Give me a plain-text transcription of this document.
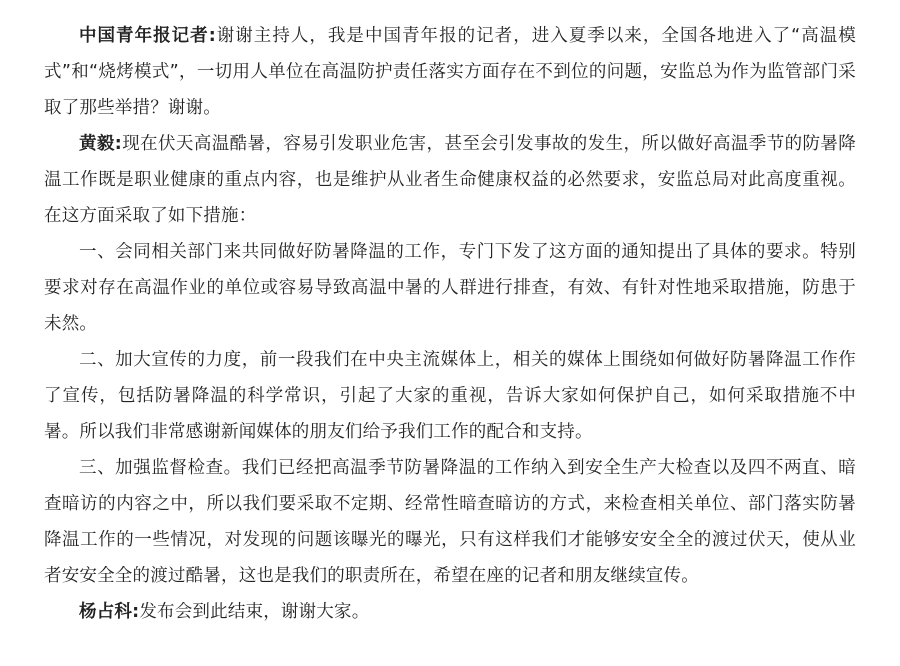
中国青年报记者:谢谢主持人，我是中国青年报的记者，进入夏季以来，全国各地进入了“高温模式”和“烧烤模式”，一切用人单位在高温防护责任落实方面存在不到位的问题，安监总为作为监管部门采取了那些举措？谢谢。

黄毅:现在伏天高温酷暑，容易引发职业危害，甚至会引发事故的发生，所以做好高温季节的防暑降温工作既是职业健康的重点内容，也是维护从业者生命健康权益的必然要求，安监总局对此高度重视。在这方面采取了如下措施：

一、会同相关部门来共同做好防暑降温的工作，专门下发了这方面的通知提出了具体的要求。特别要求对存在高温作业的单位或容易导致高温中暑的人群进行排查，有效、有针对性地采取措施，防患于未然。

二、加大宣传的力度，前一段我们在中央主流媒体上，相关的媒体上围绕如何做好防暑降温工作作了宣传，包括防暑降温的科学常识，引起了大家的重视，告诉大家如何保护自己，如何采取措施不中暑。所以我们非常感谢新闻媒体的朋友们给予我们工作的配合和支持。

三、加强监督检查。我们已经把高温季节防暑降温的工作纳入到安全生产大检查以及四不两直、暗查暗访的内容之中，所以我们要采取不定期、经常性暗查暗访的方式，来检查相关单位、部门落实防暑降温工作的一些情况，对发现的问题该曝光的曝光，只有这样我们才能够安安全全的渡过伏天，使从业者安安全全的渡过酷暑，这也是我们的职责所在，希望在座的记者和朋友继续宣传。

杨占科:发布会到此结束，谢谢大家。
